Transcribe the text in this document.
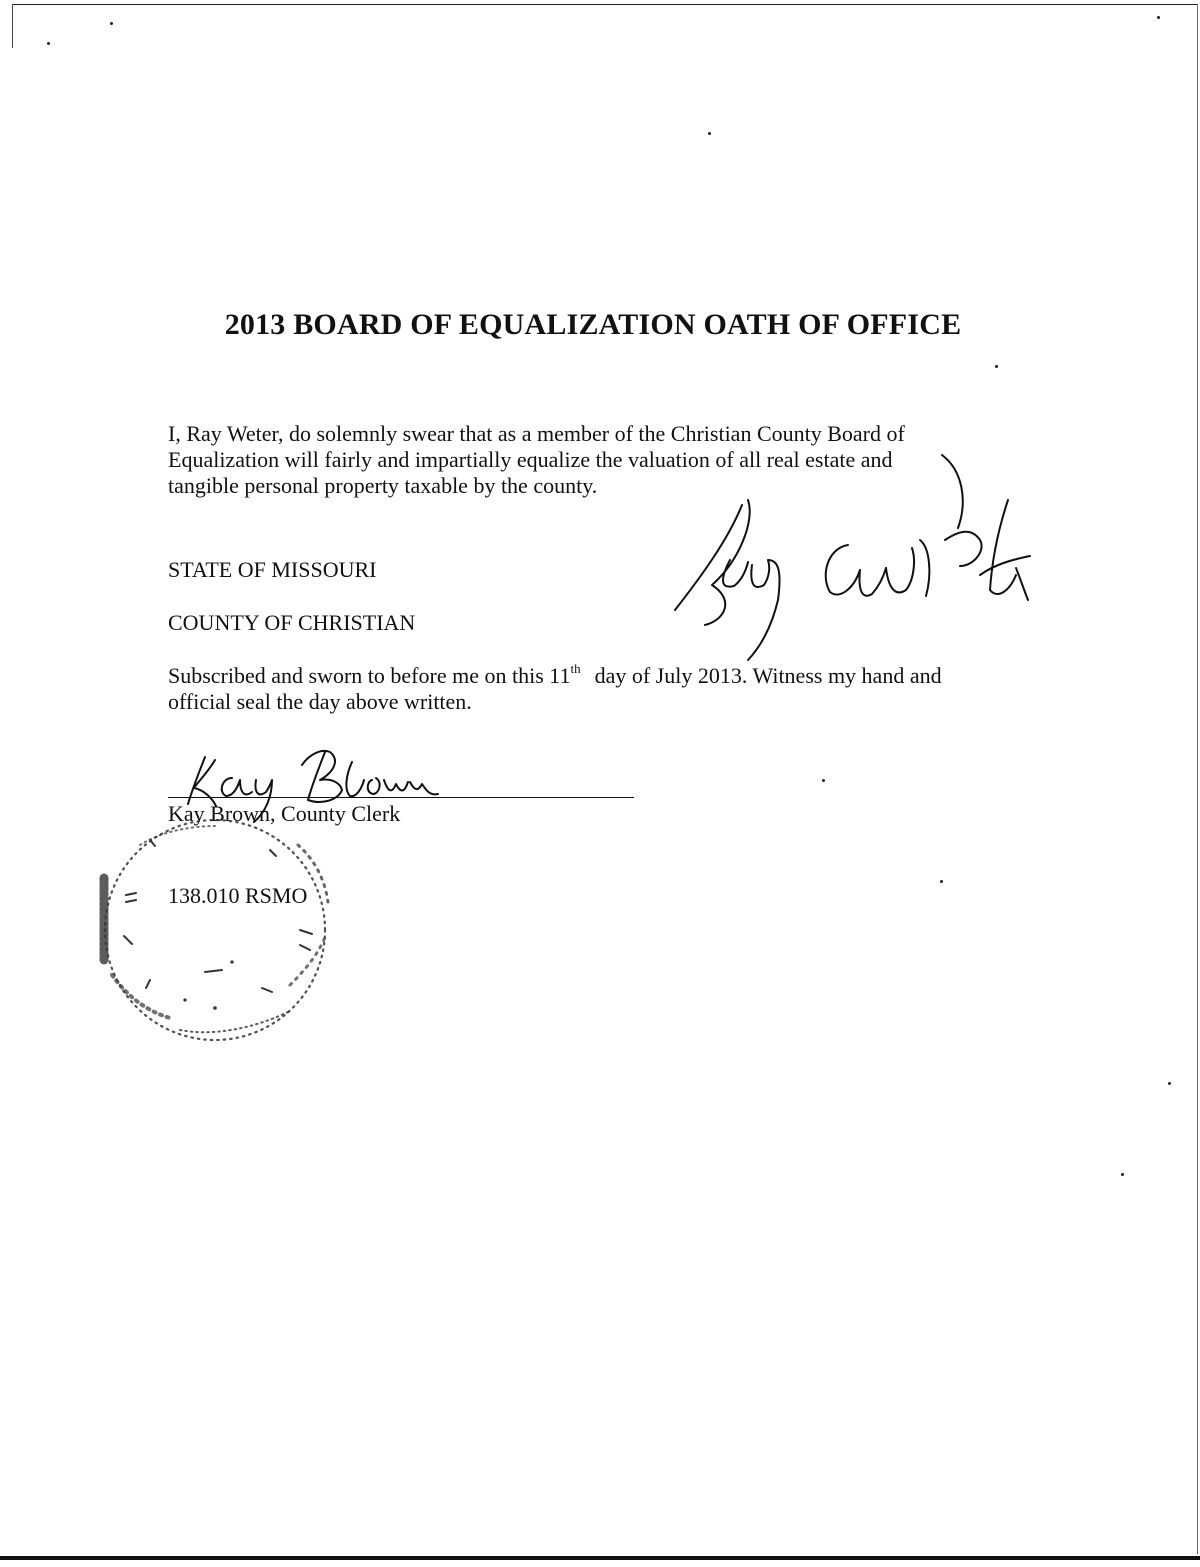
2013 BOARD OF EQUALIZATION OATH OF OFFICE
I, Ray Weter, do solemnly swear that as a member of the Christian County Board of
Equalization will fairly and impartially equalize the valuation of all real estate and
tangible personal property taxable by the county.
STATE OF MISSOURI
COUNTY OF CHRISTIAN
Subscribed and sworn to before me on this 11th day of July 2013. Witness my hand and
official seal the day above written.
Kay Brown, County Clerk
138.010 RSMO
